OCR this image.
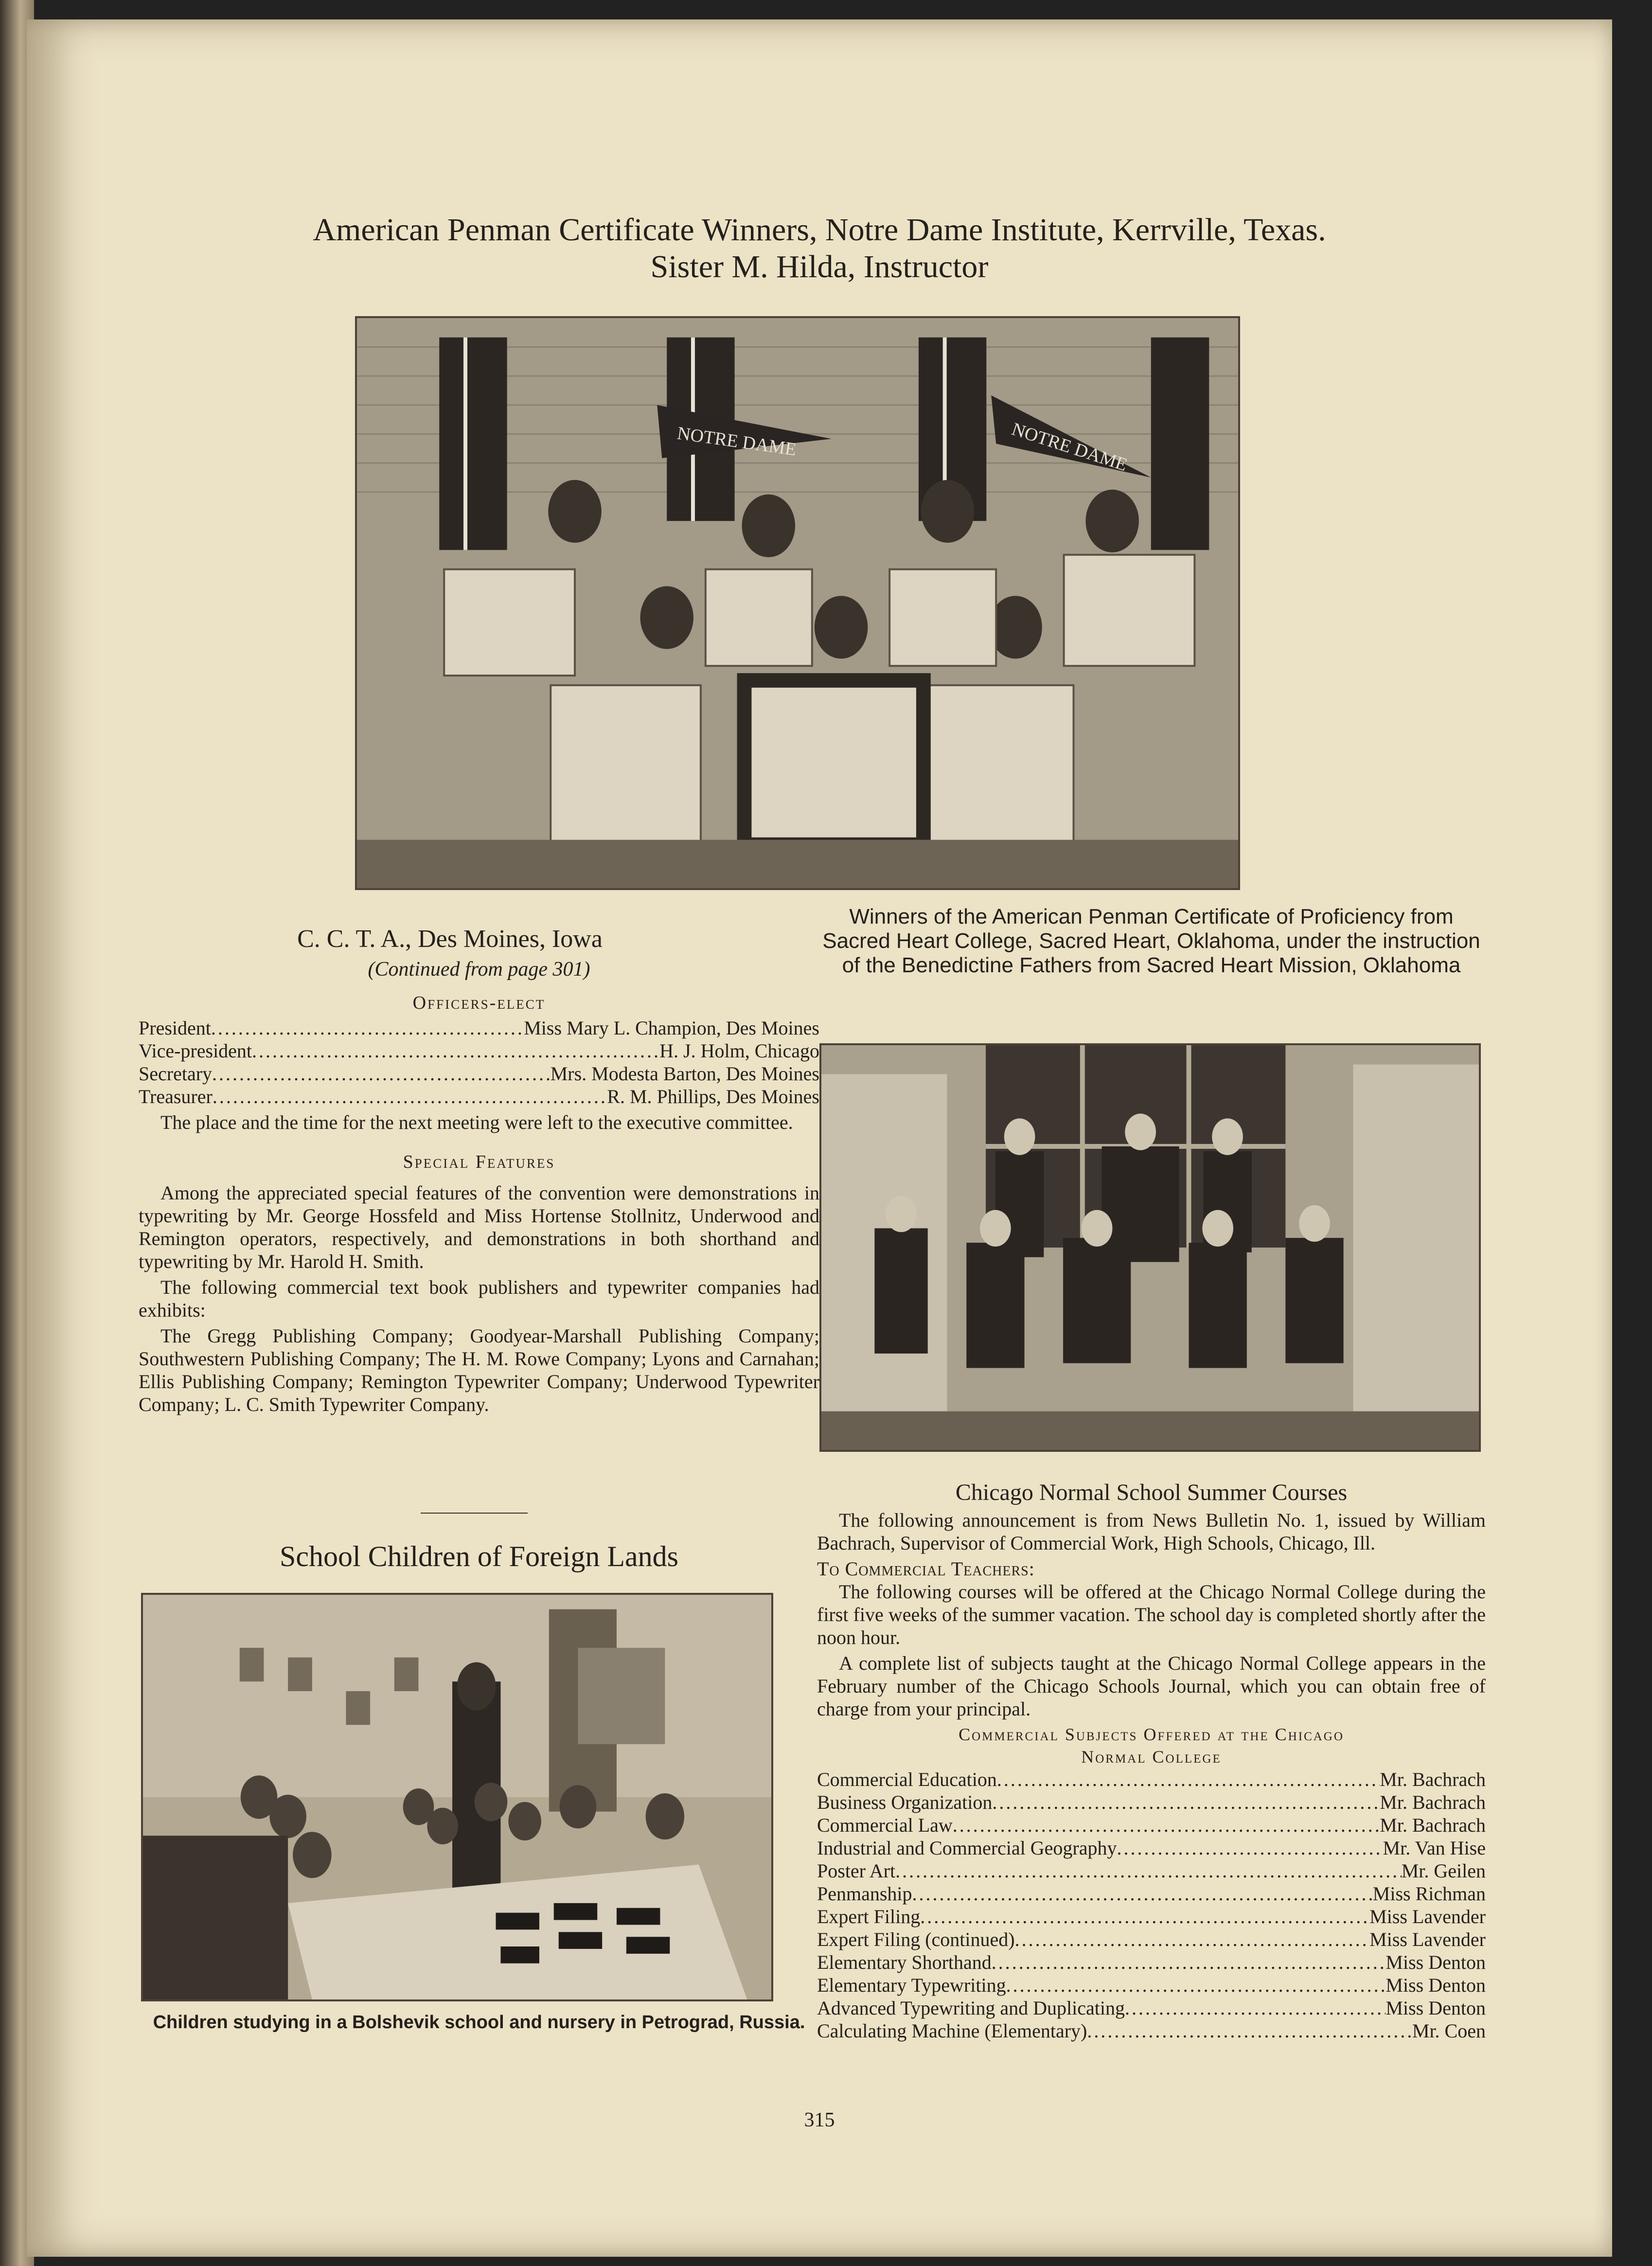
American Penman Certificate Winners, Notre Dame Institute, Kerrville, Texas.
Sister M. Hilda, Instructor
NOTRE DAME	NOTRE DAME
C. C. T. A., Des Moines, Iowa
(Continued from page 301)
Officers-elect
President .....	Miss Mary L. Champion, Des Moines
Vice-president .....	H. J. Holm, Chicago
Secretary .....	Mrs. Modesta Barton, Des Moines
Treasurer .....	R. M. Phillips, Des Moines

The place and the time for the next meeting were left to the executive committee.

Special Features

Among the appreciated special features of the convention were demonstrations in typewriting by Mr. George Hossfeld and Miss Hortense Stollnitz, Underwood and Remington operators, respectively, and demonstrations in both shorthand and typewriting by Mr. Harold H. Smith.

The following commercial text book publishers and typewriter companies had exhibits:

The Gregg Publishing Company; Goodyear-Marshall Publishing Company; Southwestern Publishing Company; The H. M. Rowe Company; Lyons and Carnahan; Ellis Publishing Company; Remington Typewriter Company; Underwood Typewriter Company; L. C. Smith Typewriter Company.

School Children of Foreign Lands
Children studying in a Bolshevik school and nursery in Petrograd, Russia.
Winners of the American Penman Certificate of Proficiency from Sacred Heart College, Sacred Heart, Oklahoma, under the instruction of the Benedictine Fathers from Sacred Heart Mission, Oklahoma
Chicago Normal School Summer Courses

The following announcement is from News Bulletin No. 1, issued by William Bachrach, Supervisor of Commercial Work, High Schools, Chicago, Ill.

To Commercial Teachers:

The following courses will be offered at the Chicago Normal College during the first five weeks of the summer vacation. The school day is completed shortly after the noon hour.

A complete list of subjects taught at the Chicago Normal College appears in the February number of the Chicago Schools Journal, which you can obtain free of charge from your principal.

Commercial Subjects Offered at the Chicago
Normal College
Commercial Education .....	Mr. Bachrach
Business Organization .....	Mr. Bachrach
Commercial Law .....	Mr. Bachrach
Industrial and Commercial Geography .....	Mr. Van Hise
Poster Art .....	Mr. Geilen
Penmanship .....	Miss Richman
Expert Filing .....	Miss Lavender
Expert Filing (continued) .....	Miss Lavender
Elementary Shorthand .....	Miss Denton
Elementary Typewriting .....	Miss Denton
Advanced Typewriting and Duplicating .....	Miss Denton
Calculating Machine (Elementary) .....	Mr. Coen
315
